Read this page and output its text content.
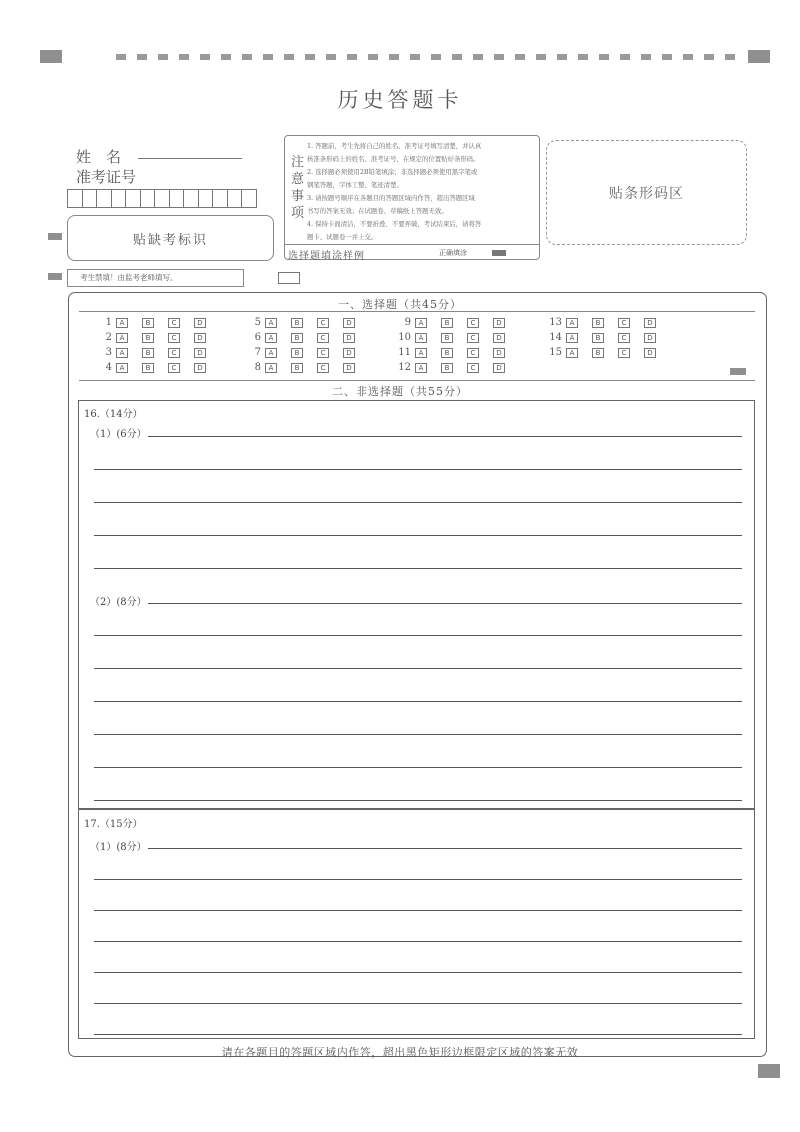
历史答题卡
姓　名
准考证号
贴缺考标识
注意事项
1. 答题前，考生先将自己的姓名、准考证号填写清楚，并认真
核准条形码上的姓名、准考证号，在规定的位置贴好条形码。
2. 选择题必须使用2B铅笔填涂；非选择题必须使用黑字笔或
钢笔答题，字体工整、笔迹清楚。
3. 请按题号顺序在各题目的答题区域内作答，超出答题区域
书写的答案无效；在试题卷、草稿纸上答题无效。
4. 保持卡面清洁，不要折叠、不要弄破，考试结束后，请将答
题卡、试题卷一并上交。
选择题填涂样例	正确填涂
贴条形码区
考生禁填！由监考老师填写。
一、选择题（共45分）
1	A	B	C	D
2	A	B	C	D
3	A	B	C	D
4	A	B	C	D
5	A	B	C	D
6	A	B	C	D
7	A	B	C	D
8	A	B	C	D
9	A	B	C	D
10	A	B	C	D
11	A	B	C	D
12	A	B	C	D
13	A	B	C	D
14	A	B	C	D
15	A	B	C	D
二、非选择题（共55分）
16.（14分）
（1）(6分）
（2）(8分）
17.（15分）
（1）(8分）
请在各题目的答题区域内作答，超出黑色矩形边框限定区域的答案无效
